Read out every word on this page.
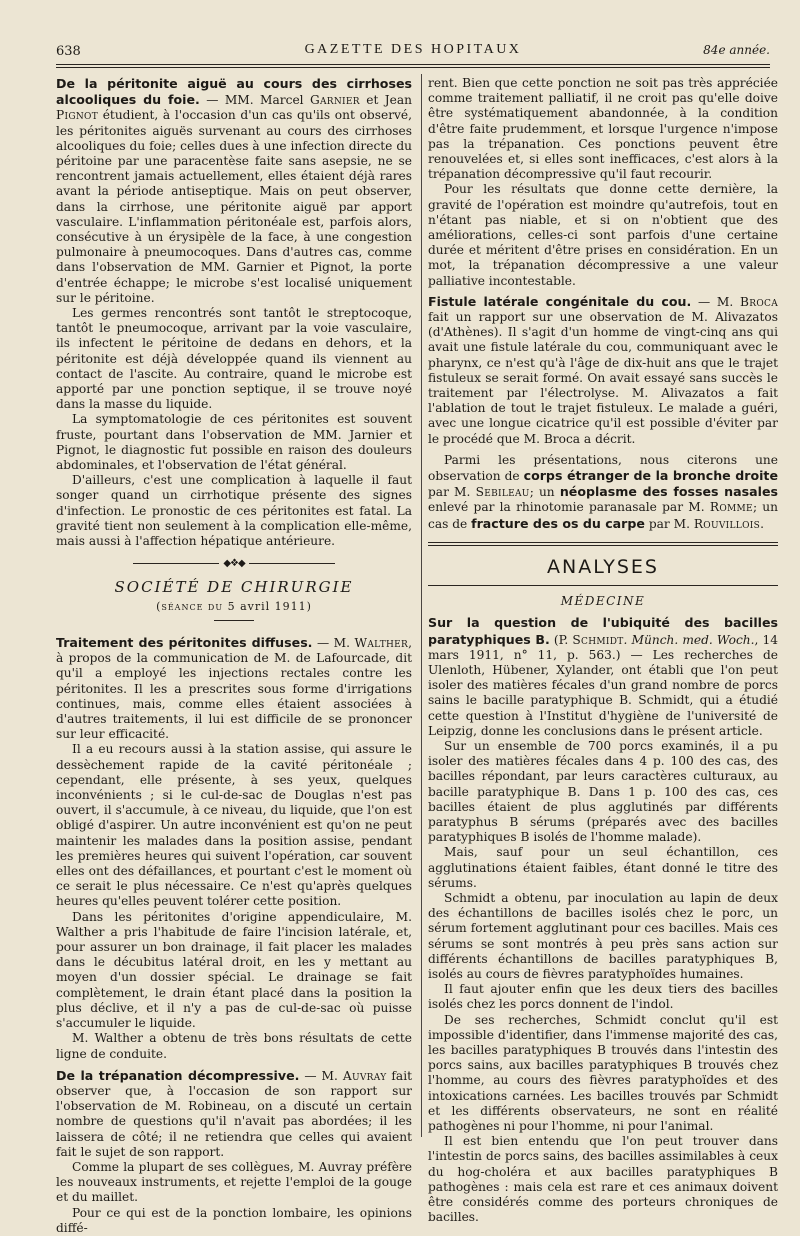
638	GAZETTE DES HOPITAUX	84e année.

De la péritonite aiguë au cours des cirrhoses alcooliques du foie. — MM. Marcel Garnier et Jean Pignot étudient, à l'occasion d'un cas qu'ils ont observé, les péritonites aiguës survenant au cours des cirrhoses alcooliques du foie; celles dues à une infection directe du péritoine par une paracentèse faite sans asepsie, ne se rencontrent jamais actuellement, elles étaient déjà rares avant la période antiseptique. Mais on peut observer, dans la cirrhose, une péritonite aiguë par apport vasculaire. L'inflammation péritonéale est, parfois alors, consécutive à un érysipèle de la face, à une congestion pulmonaire à pneumocoques. Dans d'autres cas, comme dans l'observation de MM. Garnier et Pignot, la porte d'entrée échappe; le microbe s'est localisé uniquement sur le péritoine.

Les germes rencontrés sont tantôt le streptocoque, tantôt le pneumocoque, arrivant par la voie vasculaire, ils infectent le péritoine de dedans en dehors, et la péritonite est déjà développée quand ils viennent au contact de l'ascite. Au contraire, quand le microbe est apporté par une ponction septique, il se trouve noyé dans la masse du liquide.

La symptomatologie de ces péritonites est souvent fruste, pourtant dans l'observation de MM. Jarnier et Pignot, le diagnostic fut possible en raison des douleurs abdominales, et l'observation de l'état général.

D'ailleurs, c'est une complication à laquelle il faut songer quand un cirrhotique présente des signes d'infection. Le pronostic de ces péritonites est fatal. La gravité tient non seulement à la complication elle-même, mais aussi à l'affection hépatique antérieure.

◆❖◆
SOCIÉTÉ DE CHIRURGIE
(séance du 5 avril 1911)

Traitement des péritonites diffuses. — M. Walther, à propos de la communication de M. de Lafourcade, dit qu'il a employé les injections rectales contre les péritonites. Il les a prescrites sous forme d'irrigations continues, mais, comme elles étaient associées à d'autres traitements, il lui est difficile de se prononcer sur leur efficacité.

Il a eu recours aussi à la station assise, qui assure le dessèchement rapide de la cavité péritonéale ; cependant, elle présente, à ses yeux, quelques inconvénients ; si le cul-de-sac de Douglas n'est pas ouvert, il s'accumule, à ce niveau, du liquide, que l'on est obligé d'aspirer. Un autre inconvénient est qu'on ne peut maintenir les malades dans la position assise, pendant les premières heures qui suivent l'opération, car souvent elles ont des défaillances, et pourtant c'est le moment où ce serait le plus nécessaire. Ce n'est qu'après quelques heures qu'elles peuvent tolérer cette position.

Dans les péritonites d'origine appendiculaire, M. Walther a pris l'habitude de faire l'incision latérale, et, pour assurer un bon drainage, il fait placer les malades dans le décubitus latéral droit, en les y mettant au moyen d'un dossier spécial. Le drainage se fait complètement, le drain étant placé dans la position la plus déclive, et il n'y a pas de cul-de-sac où puisse s'accumuler le liquide.

M. Walther a obtenu de très bons résultats de cette ligne de conduite.

De la trépanation décompressive. — M. Auvray fait observer que, à l'occasion de son rapport sur l'observation de M. Robineau, on a discuté un certain nombre de questions qu'il n'avait pas abordées; il les laissera de côté; il ne retiendra que celles qui avaient fait le sujet de son rapport.

Comme la plupart de ses collègues, M. Auvray préfère les nouveaux instruments, et rejette l'emploi de la gouge et du maillet.

Pour ce qui est de la ponction lombaire, les opinions diffé-

rent. Bien que cette ponction ne soit pas très appréciée comme traitement palliatif, il ne croit pas qu'elle doive être systématiquement abandonnée, à la condition d'être faite prudemment, et lorsque l'urgence n'impose pas la trépanation. Ces ponctions peuvent être renouvelées et, si elles sont inefficaces, c'est alors à la trépanation décompressive qu'il faut recourir.

Pour les résultats que donne cette dernière, la gravité de l'opération est moindre qu'autrefois, tout en n'étant pas niable, et si on n'obtient que des améliorations, celles-ci sont parfois d'une certaine durée et méritent d'être prises en considération. En un mot, la trépanation décompressive a une valeur palliative incontestable.

Fistule latérale congénitale du cou. — M. Broca fait un rapport sur une observation de M. Alivazatos (d'Athènes). Il s'agit d'un homme de vingt-cinq ans qui avait une fistule latérale du cou, communiquant avec le pharynx, ce n'est qu'à l'âge de dix-huit ans que le trajet fistuleux se serait formé. On avait essayé sans succès le traitement par l'électrolyse. M. Alivazatos a fait l'ablation de tout le trajet fistuleux. Le malade a guéri, avec une longue cicatrice qu'il est possible d'éviter par le procédé que M. Broca a décrit.

Parmi les présentations, nous citerons une observation de corps étranger de la bronche droite par M. Sebileau; un néoplasme des fosses nasales enlevé par la rhinotomie paranasale par M. Romme; un cas de fracture des os du carpe par M. Rouvillois.

ANALYSES
MÉDECINE

Sur la question de l'ubiquité des bacilles paratyphiques B. (P. Schmidt. Münch. med. Woch., 14 mars 1911, n° 11, p. 563.) — Les recherches de Ulenloth, Hübener, Xylander, ont établi que l'on peut isoler des matières fécales d'un grand nombre de porcs sains le bacille paratyphique B. Schmidt, qui a étudié cette question à l'Institut d'hygiène de l'université de Leipzig, donne les conclusions dans le présent article.

Sur un ensemble de 700 porcs examinés, il a pu isoler des matières fécales dans 4 p. 100 des cas, des bacilles répondant, par leurs caractères culturaux, au bacille paratyphique B. Dans 1 p. 100 des cas, ces bacilles étaient de plus agglutinés par différents paratyphus B sérums (préparés avec des bacilles paratyphiques B isolés de l'homme malade).

Mais, sauf pour un seul échantillon, ces agglutinations étaient faibles, étant donné le titre des sérums.

Schmidt a obtenu, par inoculation au lapin de deux des échantillons de bacilles isolés chez le porc, un sérum fortement agglutinant pour ces bacilles. Mais ces sérums se sont montrés à peu près sans action sur différents échantillons de bacilles paratyphiques B, isolés au cours de fièvres paratyphoïdes humaines.

Il faut ajouter enfin que les deux tiers des bacilles isolés chez les porcs donnent de l'indol.

De ses recherches, Schmidt conclut qu'il est impossible d'identifier, dans l'immense majorité des cas, les bacilles paratyphiques B trouvés dans l'intestin des porcs sains, aux bacilles paratyphiques B trouvés chez l'homme, au cours des fièvres paratyphoïdes et des intoxications carnées. Les bacilles trouvés par Schmidt et les différents observateurs, ne sont en réalité pathogènes ni pour l'homme, ni pour l'animal.

Il est bien entendu que l'on peut trouver dans l'intestin de porcs sains, des bacilles assimilables à ceux du hog-choléra et aux bacilles paratyphiques B pathogènes : mais cela est rare et ces animaux doivent être considérés comme des porteurs chroniques de bacilles.
